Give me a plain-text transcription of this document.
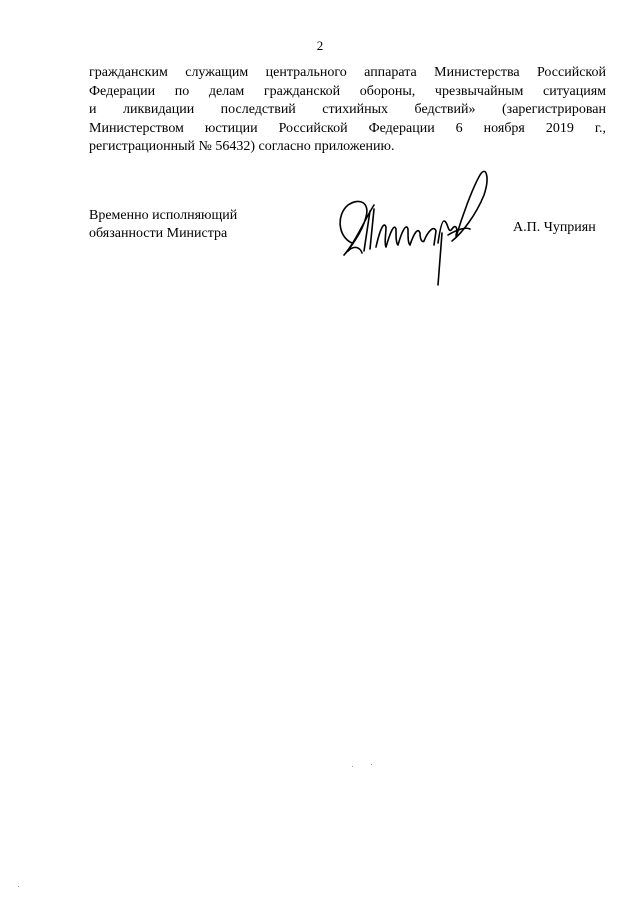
2
гражданским служащим центрального аппарата Министерства Российской
Федерации по делам гражданской обороны, чрезвычайным ситуациям
и ликвидации последствий стихийных бедствий» (зарегистрирован
Министерством юстиции Российской Федерации 6 ноября 2019 г.,
регистрационный № 56432) согласно приложению.
Временно исполняющий
обязанности Министра	А.П. Чуприян
